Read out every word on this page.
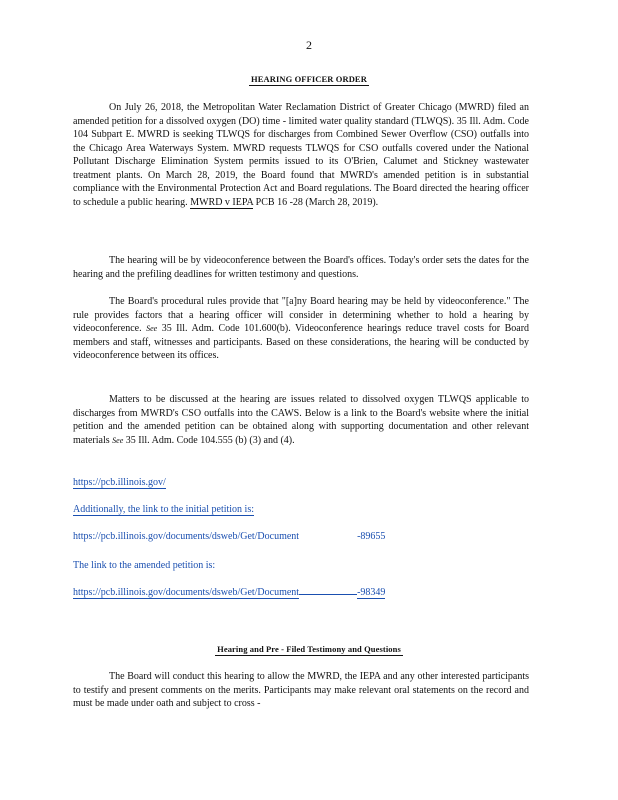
2
HEARING OFFICER ORDER
On July 26, 2018, the Metropolitan Water Reclamation District of Greater Chicago (MWRD) filed an amended petition for a dissolved oxygen (DO) time - limited water quality standard (TLWQS). 35 Ill. Adm. Code 104 Subpart E. MWRD is seeking TLWQS for discharges from Combined Sewer Overflow (CSO) outfalls into the Chicago Area Waterways System. MWRD requests TLWQS for CSO outfalls covered under the National Pollutant Discharge Elimination System permits issued to its O'Brien, Calumet and Stickney wastewater treatment plants. On March 28, 2019, the Board found that MWRD's amended petition is in substantial compliance with the Environmental Protection Act and Board regulations. The Board directed the hearing officer to schedule a public hearing. MWRD v IEPA PCB 16 -28 (March 28, 2019).
The hearing will be by videoconference between the Board's offices. Today's order sets the dates for the hearing and the prefiling deadlines for written testimony and questions.
The Board's procedural rules provide that "[a]ny Board hearing may be held by videoconference." The rule provides factors that a hearing officer will consider in determining whether to hold a hearing by videoconference. See 35 Ill. Adm. Code 101.600(b). Videoconference hearings reduce travel costs for Board members and staff, witnesses and participants. Based on these considerations, the hearing will be conducted by videoconference between its offices.
Matters to be discussed at the hearing are issues related to dissolved oxygen TLWQS applicable to discharges from MWRD's CSO outfalls into the CAWS. Below is a link to the Board's website where the initial petition and the amended petition can be obtained along with supporting documentation and other relevant materials See 35 Ill. Adm. Code 104.555 (b) (3) and (4).
https://pcb.illinois.gov/
Additionally, the link to the initial petition is:
https://pcb.illinois.gov/documents/dsweb/Get/Document	-89655
The link to the amended petition is:
https://pcb.illinois.gov/documents/dsweb/Get/Document	-98349
Hearing and Pre - Filed Testimony and Questions
The Board will conduct this hearing to allow the MWRD, the IEPA and any other interested participants to testify and present comments on the merits. Participants may make relevant oral statements on the record and must be made under oath and subject to cross -
